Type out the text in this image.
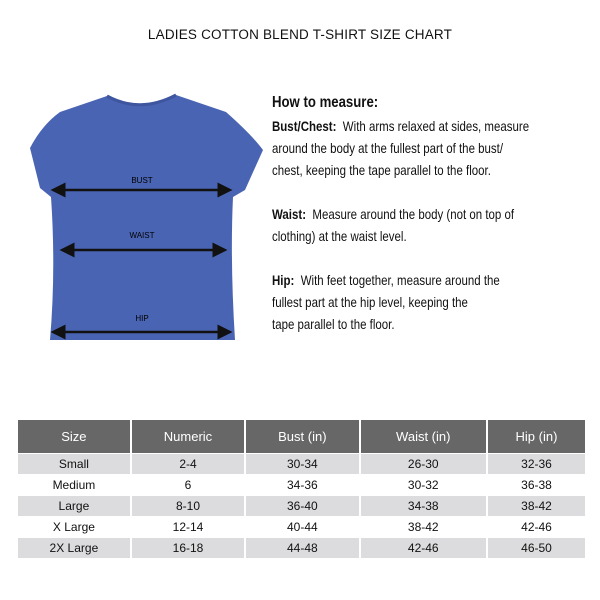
LADIES COTTON BLEND T-SHIRT SIZE CHART
BUST
WAIST
HIP
How to measure:
Bust/Chest: With arms relaxed at sides, measure
around the body at the fullest part of the bust/
chest, keeping the tape parallel to the floor.
Waist: Measure around the body (not on top of
clothing) at the waist level.
Hip: With feet together, measure around the
fullest part at the hip level, keeping the
tape parallel to the floor.
Size	Numeric	Bust (in)	Waist (in)	Hip (in)
Small	2-4	30-34	26-30	32-36
Medium	6	34-36	30-32	36-38
Large	8-10	36-40	34-38	38-42
X Large	12-14	40-44	38-42	42-46
2X Large	16-18	44-48	42-46	46-50
